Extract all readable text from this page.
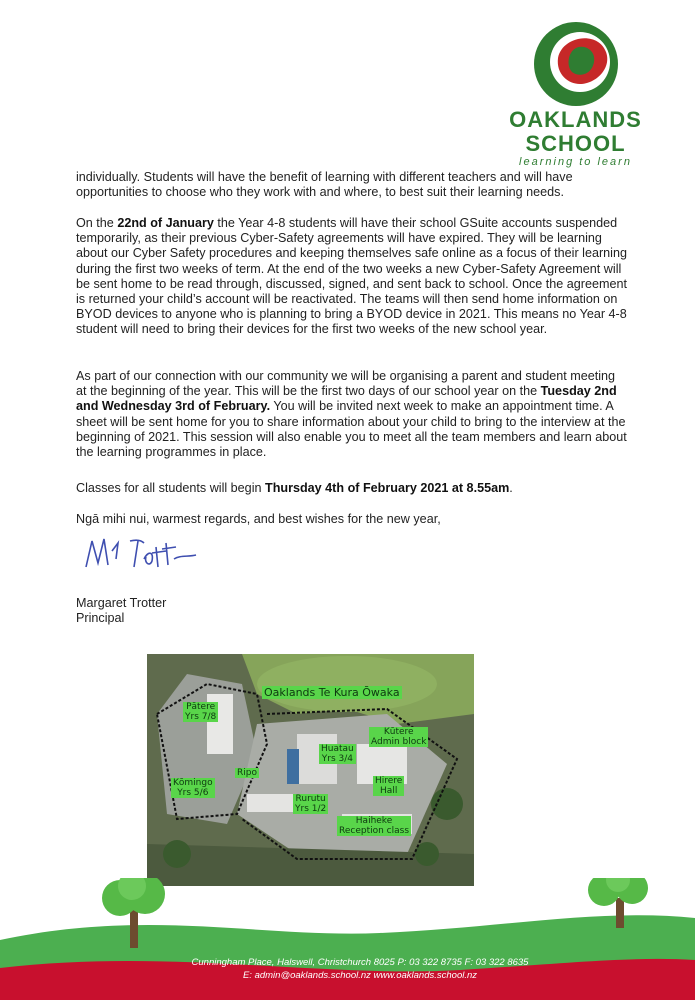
OAKLANDS
SCHOOL
learning to learn

individually. Students will have the benefit of learning with different teachers and will have opportunities to choose who they work with and where, to best suit their learning needs.

On the 22nd of January the Year 4-8 students will have their school GSuite accounts suspended temporarily, as their previous Cyber-Safety agreements will have expired. They will be learning about our Cyber Safety procedures and keeping themselves safe online as a focus of their learning during the first two weeks of term. At the end of the two weeks a new Cyber-Safety Agreement will be sent home to be read through, discussed, signed, and sent back to school. Once the agreement is returned your child’s account will be reactivated. The teams will then send home information on BYOD devices to anyone who is planning to bring a BYOD device in 2021. This means no Year 4-8 student will need to bring their devices for the first two weeks of the new school year.

As part of our connection with our community we will be organising a parent and student meeting at the beginning of the year. This will be the first two days of our school year on the Tuesday 2nd and Wednesday 3rd of February. You will be invited next week to make an appointment time. A sheet will be sent home for you to share information about your child to bring to the interview at the beginning of 2021. This session will also enable you to meet all the team members and learn about the learning programmes in place.

Classes for all students will begin Thursday 4th of February 2021 at 8.55am.

Ngā mihi nui, warmest regards, and best wishes for the new year,

Margaret Trotter
Principal
Oaklands Te Kura Ōwaka
Pātere
Yrs 7/8
Kūtere
Admin block
Huatau
Yrs 3/4
Hirere
Hall
Ripo
Kōmingo
Yrs 5/6
Rurutu
Yrs 1/2
Haiheke
Reception class
Cunningham Place, Halswell, Christchurch 8025 P: 03 322 8735 F: 03 322 8635
E: admin@oaklands.school.nz www.oaklands.school.nz
